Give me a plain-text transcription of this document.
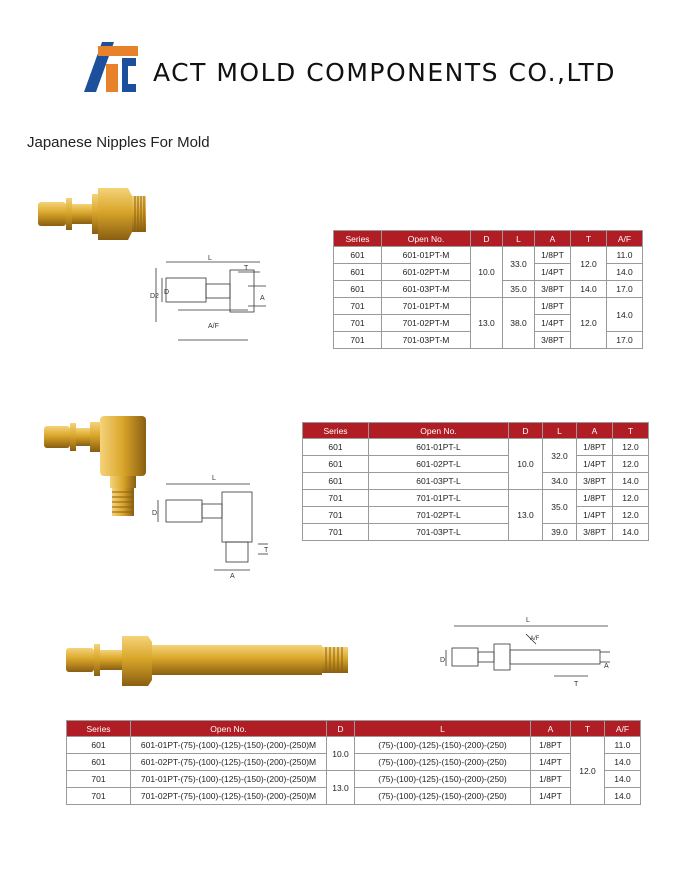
ACT MOLD COMPONENTS CO.,LTD
Japanese Nipples For Mold
L
T
A
D2
D
A/F
Series	Open No.	D	L	A	T	A/F
601	601-01PT-M	10.0	33.0	1/8PT	12.0	11.0
601	601-02PT-M			1/4PT		14.0
601	601-03PT-M		35.0	3/8PT	14.0	17.0
701	701-01PT-M	13.0	38.0	1/8PT	12.0	14.0
701	701-02PT-M			1/4PT		
701	701-03PT-M			3/8PT		17.0
L
D
A
T
Series	Open No.	D	L	A	T
601	601-01PT-L	10.0	32.0	1/8PT	12.0
601	601-02PT-L			1/4PT	12.0
601	601-03PT-L		34.0	3/8PT	14.0
701	701-01PT-L	13.0	35.0	1/8PT	12.0
701	701-02PT-L			1/4PT	12.0
701	701-03PT-L		39.0	3/8PT	14.0
L
A/F
D
A
T
Series	Open No.	D	L	A	T	A/F
601	601-01PT-(75)-(100)-(125)-(150)-(200)-(250)M	10.0	(75)-(100)-(125)-(150)-(200)-(250)	1/8PT	12.0	11.0
601	601-02PT-(75)-(100)-(125)-(150)-(200)-(250)M		(75)-(100)-(125)-(150)-(200)-(250)	1/4PT		14.0
701	701-01PT-(75)-(100)-(125)-(150)-(200)-(250)M	13.0	(75)-(100)-(125)-(150)-(200)-(250)	1/8PT		14.0
701	701-02PT-(75)-(100)-(125)-(150)-(200)-(250)M		(75)-(100)-(125)-(150)-(200)-(250)	1/4PT		14.0
